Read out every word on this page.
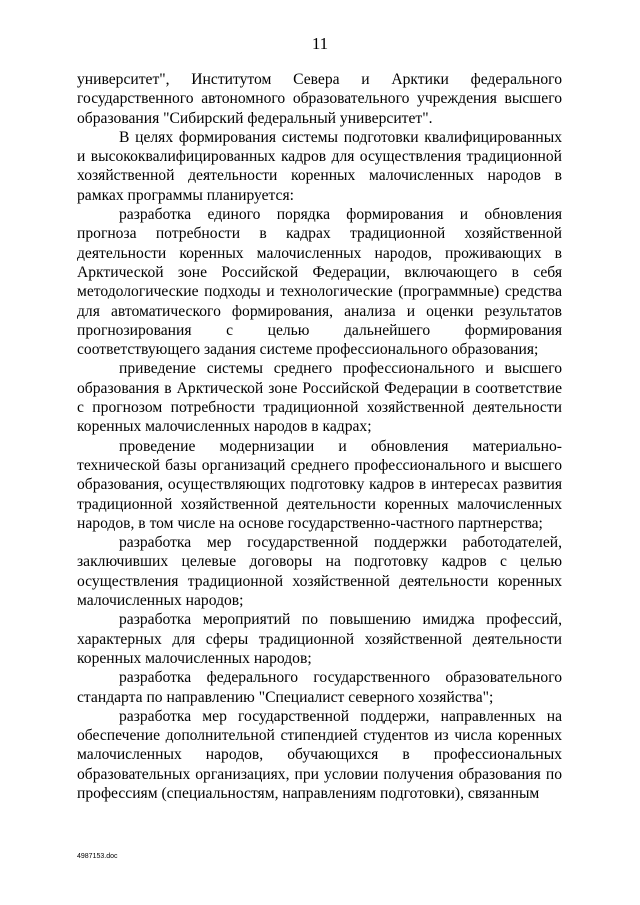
11

университет", Институтом Севера и Арктики федерального государственного автономного образовательного учреждения высшего образования "Сибирский федеральный университет".

В целях формирования системы подготовки квалифицированных и высококвалифицированных кадров для осуществления традиционной хозяйственной деятельности коренных малочисленных народов в рамках программы планируется:

разработка единого порядка формирования и обновления прогноза потребности в кадрах традиционной хозяйственной деятельности коренных малочисленных народов, проживающих в Арктической зоне Российской Федерации, включающего в себя методологические подходы и технологические (программные) средства для автоматического формирования, анализа и оценки результатов прогнозирования с целью дальнейшего формирования соответствующего задания системе профессионального образования;

приведение системы среднего профессионального и высшего образования в Арктической зоне Российской Федерации в соответствие с прогнозом потребности традиционной хозяйственной деятельности коренных малочисленных народов в кадрах;

проведение модернизации и обновления материально-технической базы организаций среднего профессионального и высшего образования, осуществляющих подготовку кадров в интересах развития традиционной хозяйственной деятельности коренных малочисленных народов, в том числе на основе государственно-частного партнерства;

разработка мер государственной поддержки работодателей, заключивших целевые договоры на подготовку кадров с целью осуществления традиционной хозяйственной деятельности коренных малочисленных народов;

разработка мероприятий по повышению имиджа профессий, характерных для сферы традиционной хозяйственной деятельности коренных малочисленных народов;

разработка федерального государственного образовательного стандарта по направлению "Специалист северного хозяйства";

разработка мер государственной поддержи, направленных на обеспечение дополнительной стипендией студентов из числа коренных малочисленных народов, обучающихся в профессиональных образовательных организациях, при условии получения образования по профессиям (специальностям, направлениям подготовки), связанным

4987153.doc
